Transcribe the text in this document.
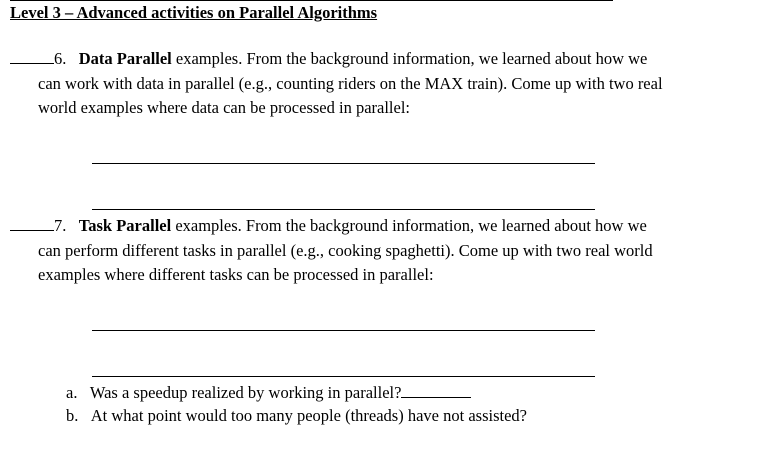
Level 3 – Advanced activities on Parallel Algorithms
6. Data Parallel examples. From the background information, we learned about how we
can work with data in parallel (e.g., counting riders on the MAX train). Come up with two real
world examples where data can be processed in parallel:
7. Task Parallel examples. From the background information, we learned about how we
can perform different tasks in parallel (e.g., cooking spaghetti). Come up with two real world
examples where different tasks can be processed in parallel:
a. Was a speedup realized by working in parallel?
b. At what point would too many people (threads) have not assisted?
